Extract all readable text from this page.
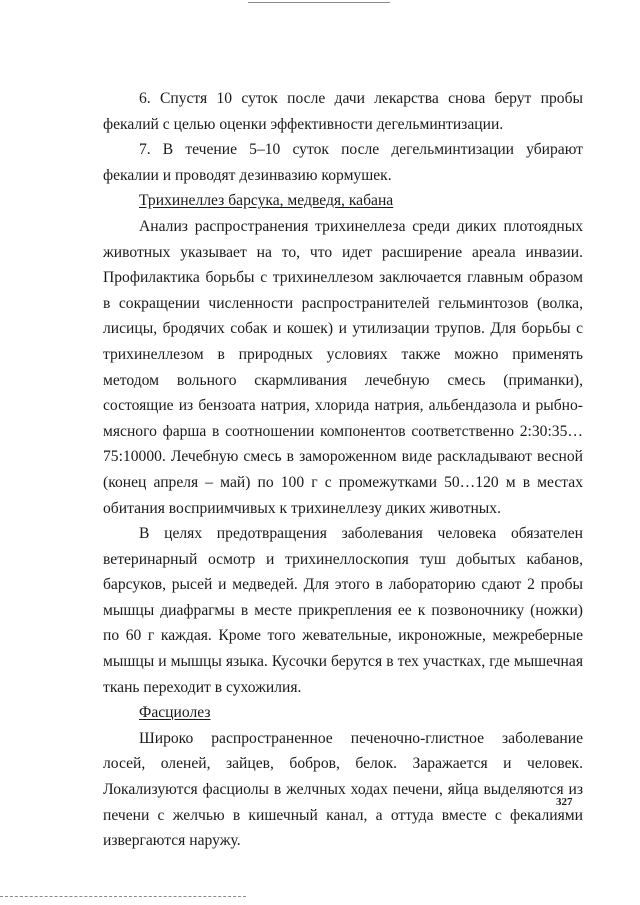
6. Спустя 10 суток после дачи лекарства снова берут пробы фекалий с целью оценки эффективности дегельминтизации.

7. В течение 5–10 суток после дегельминтизации убирают фекалии и проводят дезинвазию кормушек.

Трихинеллез барсука, медведя, кабана

Анализ распространения трихинеллеза среди диких плотоядных животных указывает на то, что идет расширение ареала инвазии. Профилактика борьбы с трихинеллезом заключается главным образом в сокращении численности распространителей гельминтозов (волка, лисицы, бродячих собак и кошек) и утилизации трупов. Для борьбы с трихинеллезом в природных условиях также можно применять методом вольного скармливания лечебную смесь (приманки), состоящие из бензоата натрия, хлорида натрия, альбендазола и рыбно-мясного фарша в соотношении компонентов соответственно 2:30:35…75:10000. Лечебную смесь в замороженном виде раскладывают весной (конец апреля – май) по 100 г с промежутками 50…120 м в местах обитания восприимчивых к трихинеллезу диких животных.

В целях предотвращения заболевания человека обязателен ветеринарный осмотр и трихинеллоскопия туш добытых кабанов, барсуков, рысей и медведей. Для этого в лабораторию сдают 2 пробы мышцы диафрагмы в месте прикрепления ее к позвоночнику (ножки) по 60 г каждая. Кроме того жевательные, икроножные, межреберные мышцы и мышцы языка. Кусочки берутся в тех участках, где мышечная ткань переходит в сухожилия.

Фасциолез

Широко распространенное печеночно-глистное заболевание лосей, оленей, зайцев, бобров, белок. Заражается и человек. Локализуются фасциолы в желчных ходах печени, яйца выделяются из печени с желчью в кишечный канал, а оттуда вместе с фекалиями извергаются наружу.

327
